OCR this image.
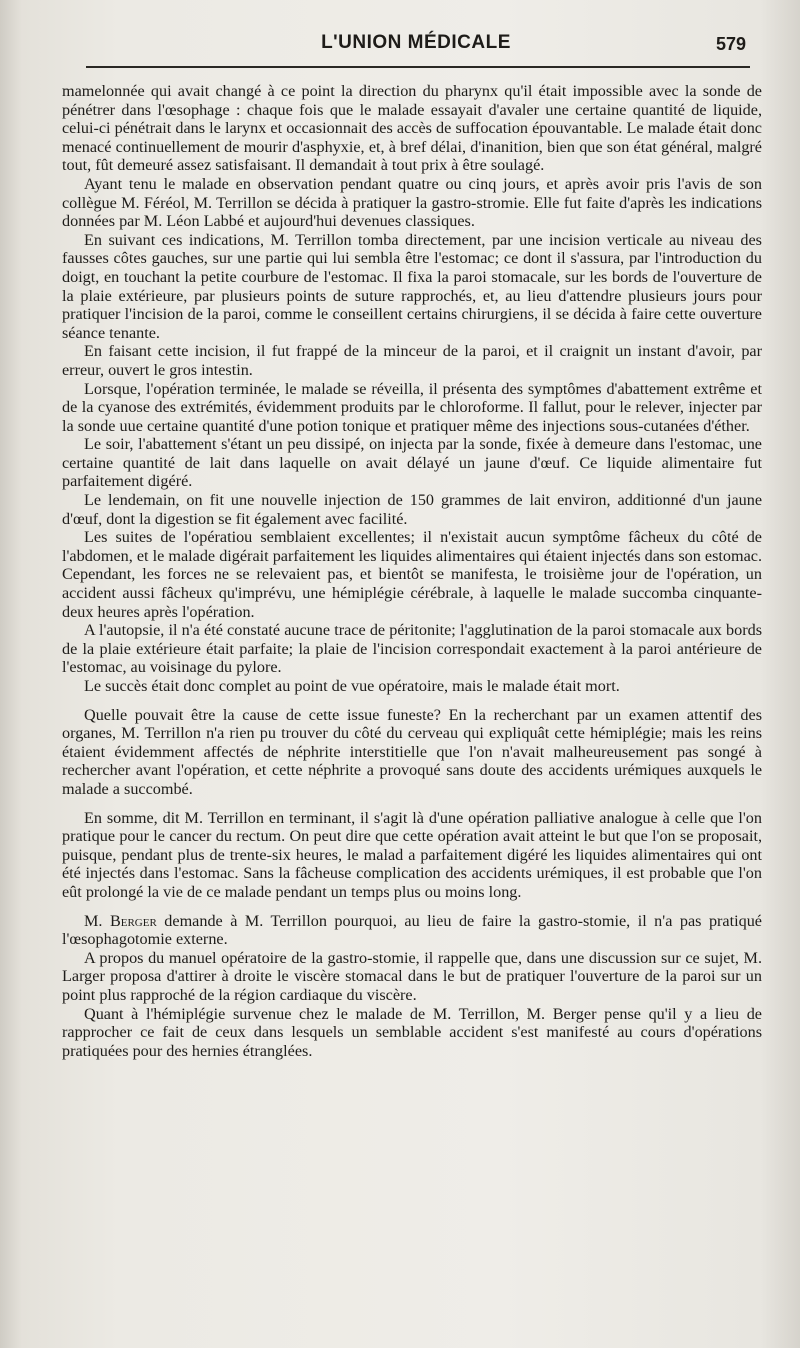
L'UNION MÉDICALE	579

mamelonnée qui avait changé à ce point la direction du pharynx qu'il était impossible avec la sonde de pénétrer dans l'œsophage : chaque fois que le malade essayait d'avaler une certaine quantité de liquide, celui-ci pénétrait dans le larynx et occasionnait des accès de suffocation épouvantable. Le malade était donc menacé continuellement de mourir d'asphyxie, et, à bref délai, d'inanition, bien que son état général, malgré tout, fût demeuré assez satisfaisant. Il demandait à tout prix à être soulagé.

Ayant tenu le malade en observation pendant quatre ou cinq jours, et après avoir pris l'avis de son collègue M. Féréol, M. Terrillon se décida à pratiquer la gastro-stromie. Elle fut faite d'après les indications données par M. Léon Labbé et aujourd'hui devenues classiques.

En suivant ces indications, M. Terrillon tomba directement, par une incision verticale au niveau des fausses côtes gauches, sur une partie qui lui sembla être l'estomac; ce dont il s'assura, par l'introduction du doigt, en touchant la petite courbure de l'estomac. Il fixa la paroi stomacale, sur les bords de l'ouverture de la plaie extérieure, par plusieurs points de suture rapprochés, et, au lieu d'attendre plusieurs jours pour pratiquer l'incision de la paroi, comme le conseillent certains chirurgiens, il se décida à faire cette ouverture séance tenante.

En faisant cette incision, il fut frappé de la minceur de la paroi, et il craignit un instant d'avoir, par erreur, ouvert le gros intestin.

Lorsque, l'opération terminée, le malade se réveilla, il présenta des symptômes d'abattement extrême et de la cyanose des extrémités, évidemment produits par le chloroforme. Il fallut, pour le relever, injecter par la sonde uue certaine quantité d'une potion tonique et pratiquer même des injections sous-cutanées d'éther.

Le soir, l'abattement s'étant un peu dissipé, on injecta par la sonde, fixée à demeure dans l'estomac, une certaine quantité de lait dans laquelle on avait délayé un jaune d'œuf. Ce liquide alimentaire fut parfaitement digéré.

Le lendemain, on fit une nouvelle injection de 150 grammes de lait environ, additionné d'un jaune d'œuf, dont la digestion se fit également avec facilité.

Les suites de l'opératiou semblaient excellentes; il n'existait aucun symptôme fâcheux du côté de l'abdomen, et le malade digérait parfaitement les liquides alimentaires qui étaient injectés dans son estomac. Cependant, les forces ne se relevaient pas, et bientôt se manifesta, le troisième jour de l'opération, un accident aussi fâcheux qu'imprévu, une hémiplégie cérébrale, à laquelle le malade succomba cinquante-deux heures après l'opération.

A l'autopsie, il n'a été constaté aucune trace de péritonite; l'agglutination de la paroi stomacale aux bords de la plaie extérieure était parfaite; la plaie de l'incision correspondait exactement à la paroi antérieure de l'estomac, au voisinage du pylore.

Le succès était donc complet au point de vue opératoire, mais le malade était mort.

Quelle pouvait être la cause de cette issue funeste? En la recherchant par un examen attentif des organes, M. Terrillon n'a rien pu trouver du côté du cerveau qui expliquât cette hémiplégie; mais les reins étaient évidemment affectés de néphrite interstitielle que l'on n'avait malheureusement pas songé à rechercher avant l'opération, et cette néphrite a provoqué sans doute des accidents urémiques auxquels le malade a succombé.

En somme, dit M. Terrillon en terminant, il s'agit là d'une opération palliative analogue à celle que l'on pratique pour le cancer du rectum. On peut dire que cette opération avait atteint le but que l'on se proposait, puisque, pendant plus de trente-six heures, le malad a parfaitement digéré les liquides alimentaires qui ont été injectés dans l'estomac. Sans la fâcheuse complication des accidents urémiques, il est probable que l'on eût prolongé la vie de ce malade pendant un temps plus ou moins long.

M. Berger demande à M. Terrillon pourquoi, au lieu de faire la gastro-stomie, il n'a pas pratiqué l'œsophagotomie externe.

A propos du manuel opératoire de la gastro-stomie, il rappelle que, dans une discussion sur ce sujet, M. Larger proposa d'attirer à droite le viscère stomacal dans le but de pratiquer l'ouverture de la paroi sur un point plus rapproché de la région cardiaque du viscère.

Quant à l'hémiplégie survenue chez le malade de M. Terrillon, M. Berger pense qu'il y a lieu de rapprocher ce fait de ceux dans lesquels un semblable accident s'est manifesté au cours d'opérations pratiquées pour des hernies étranglées.
